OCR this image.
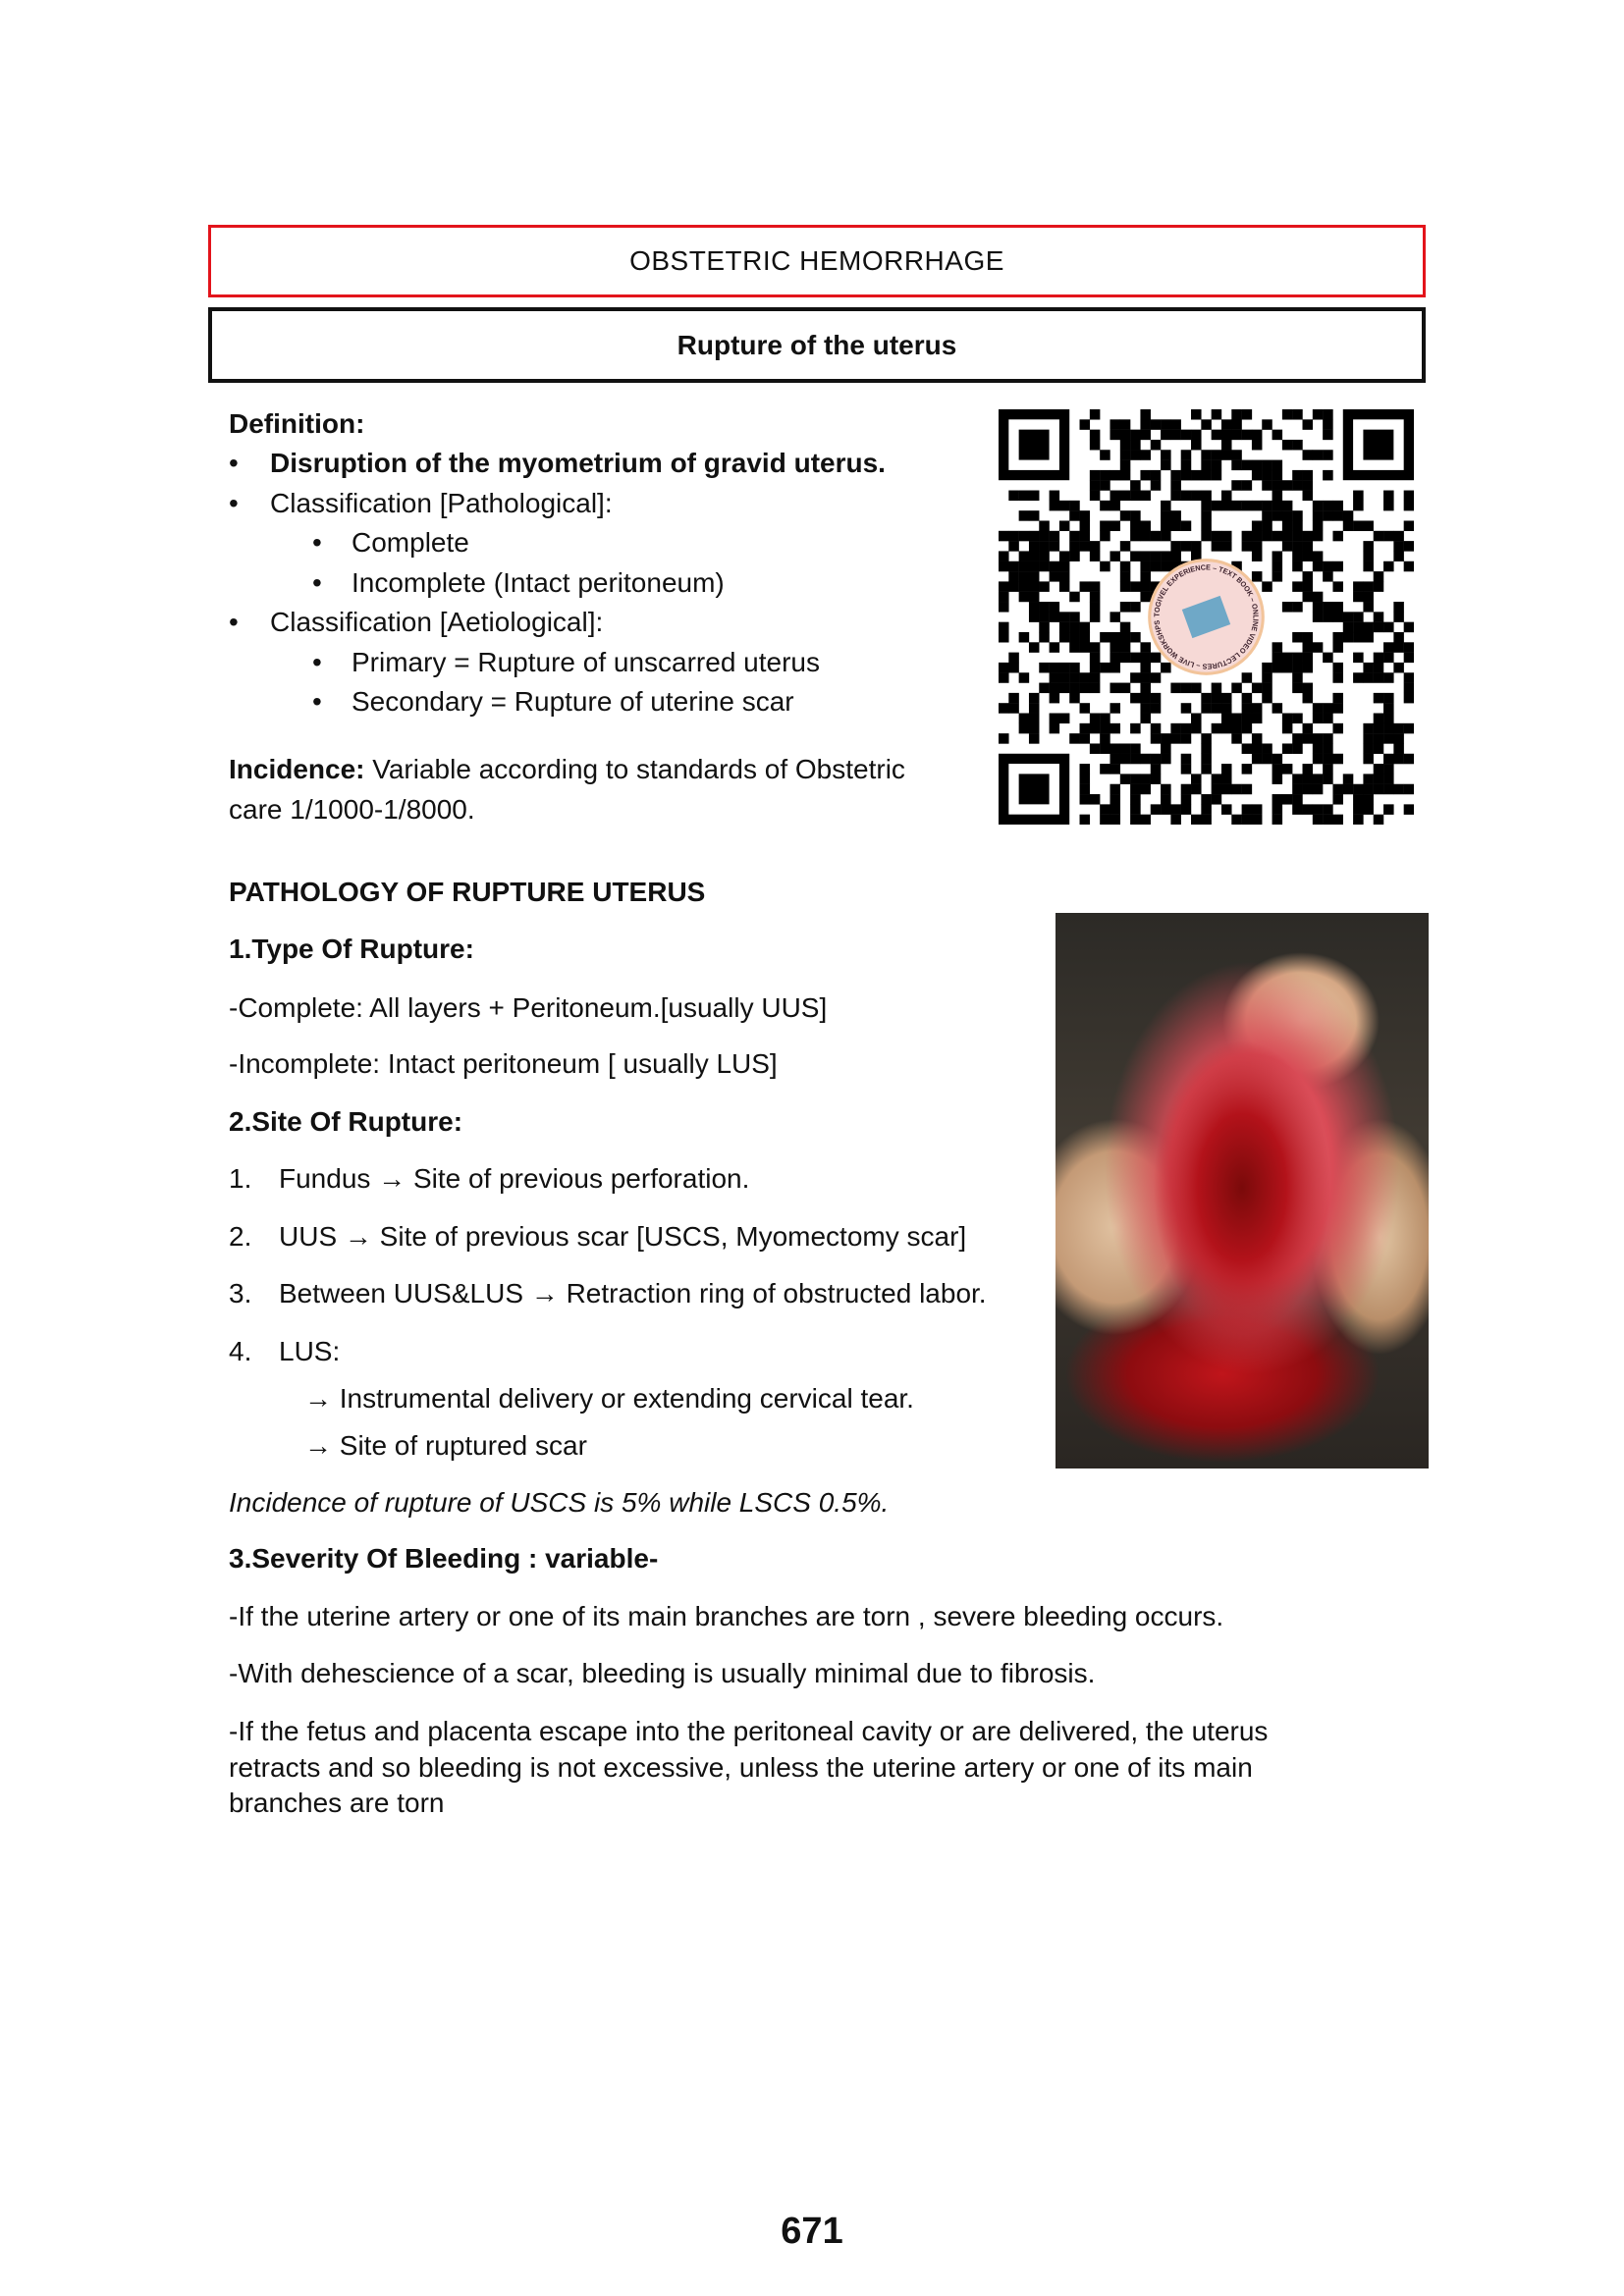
OBSTETRIC HEMORRHAGE
Rupture of the uterus
Definition:
• Disruption of the myometrium of gravid uterus.
• Classification [Pathological]:
• Complete
• Incomplete (Intact peritoneum)
• Classification [Aetiological]:
• Primary = Rupture of unscarred uterus
• Secondary = Rupture of uterine scar
Incidence: Variable according to standards of Obstetric
care 1/1000-1/8000.
TOGIVEL EXPERIENCE – TEXT BOOK – ONLINE VIDEO LECTURES – LIVE WORKSHPS
PATHOLOGY OF RUPTURE UTERUS
1.Type Of Rupture:
-Complete: All layers + Peritoneum.[usually UUS]
-Incomplete: Intact peritoneum [ usually LUS]
2.Site Of Rupture:
1. Fundus → Site of previous perforation.
2. UUS → Site of previous scar [USCS, Myomectomy scar]
3. Between UUS&LUS → Retraction ring of obstructed labor.
4. LUS:
→ Instrumental delivery or extending cervical tear.
→ Site of ruptured scar
Incidence of rupture of USCS is 5% while LSCS 0.5%.
3.Severity Of Bleeding : variable-
-If the uterine artery or one of its main branches are torn , severe bleeding occurs.
-With dehescience of a scar, bleeding is usually minimal due to fibrosis.
-If the fetus and placenta escape into the peritoneal cavity or are delivered, the uterus
retracts and so bleeding is not excessive, unless the uterine artery or one of its main
branches are torn
671
